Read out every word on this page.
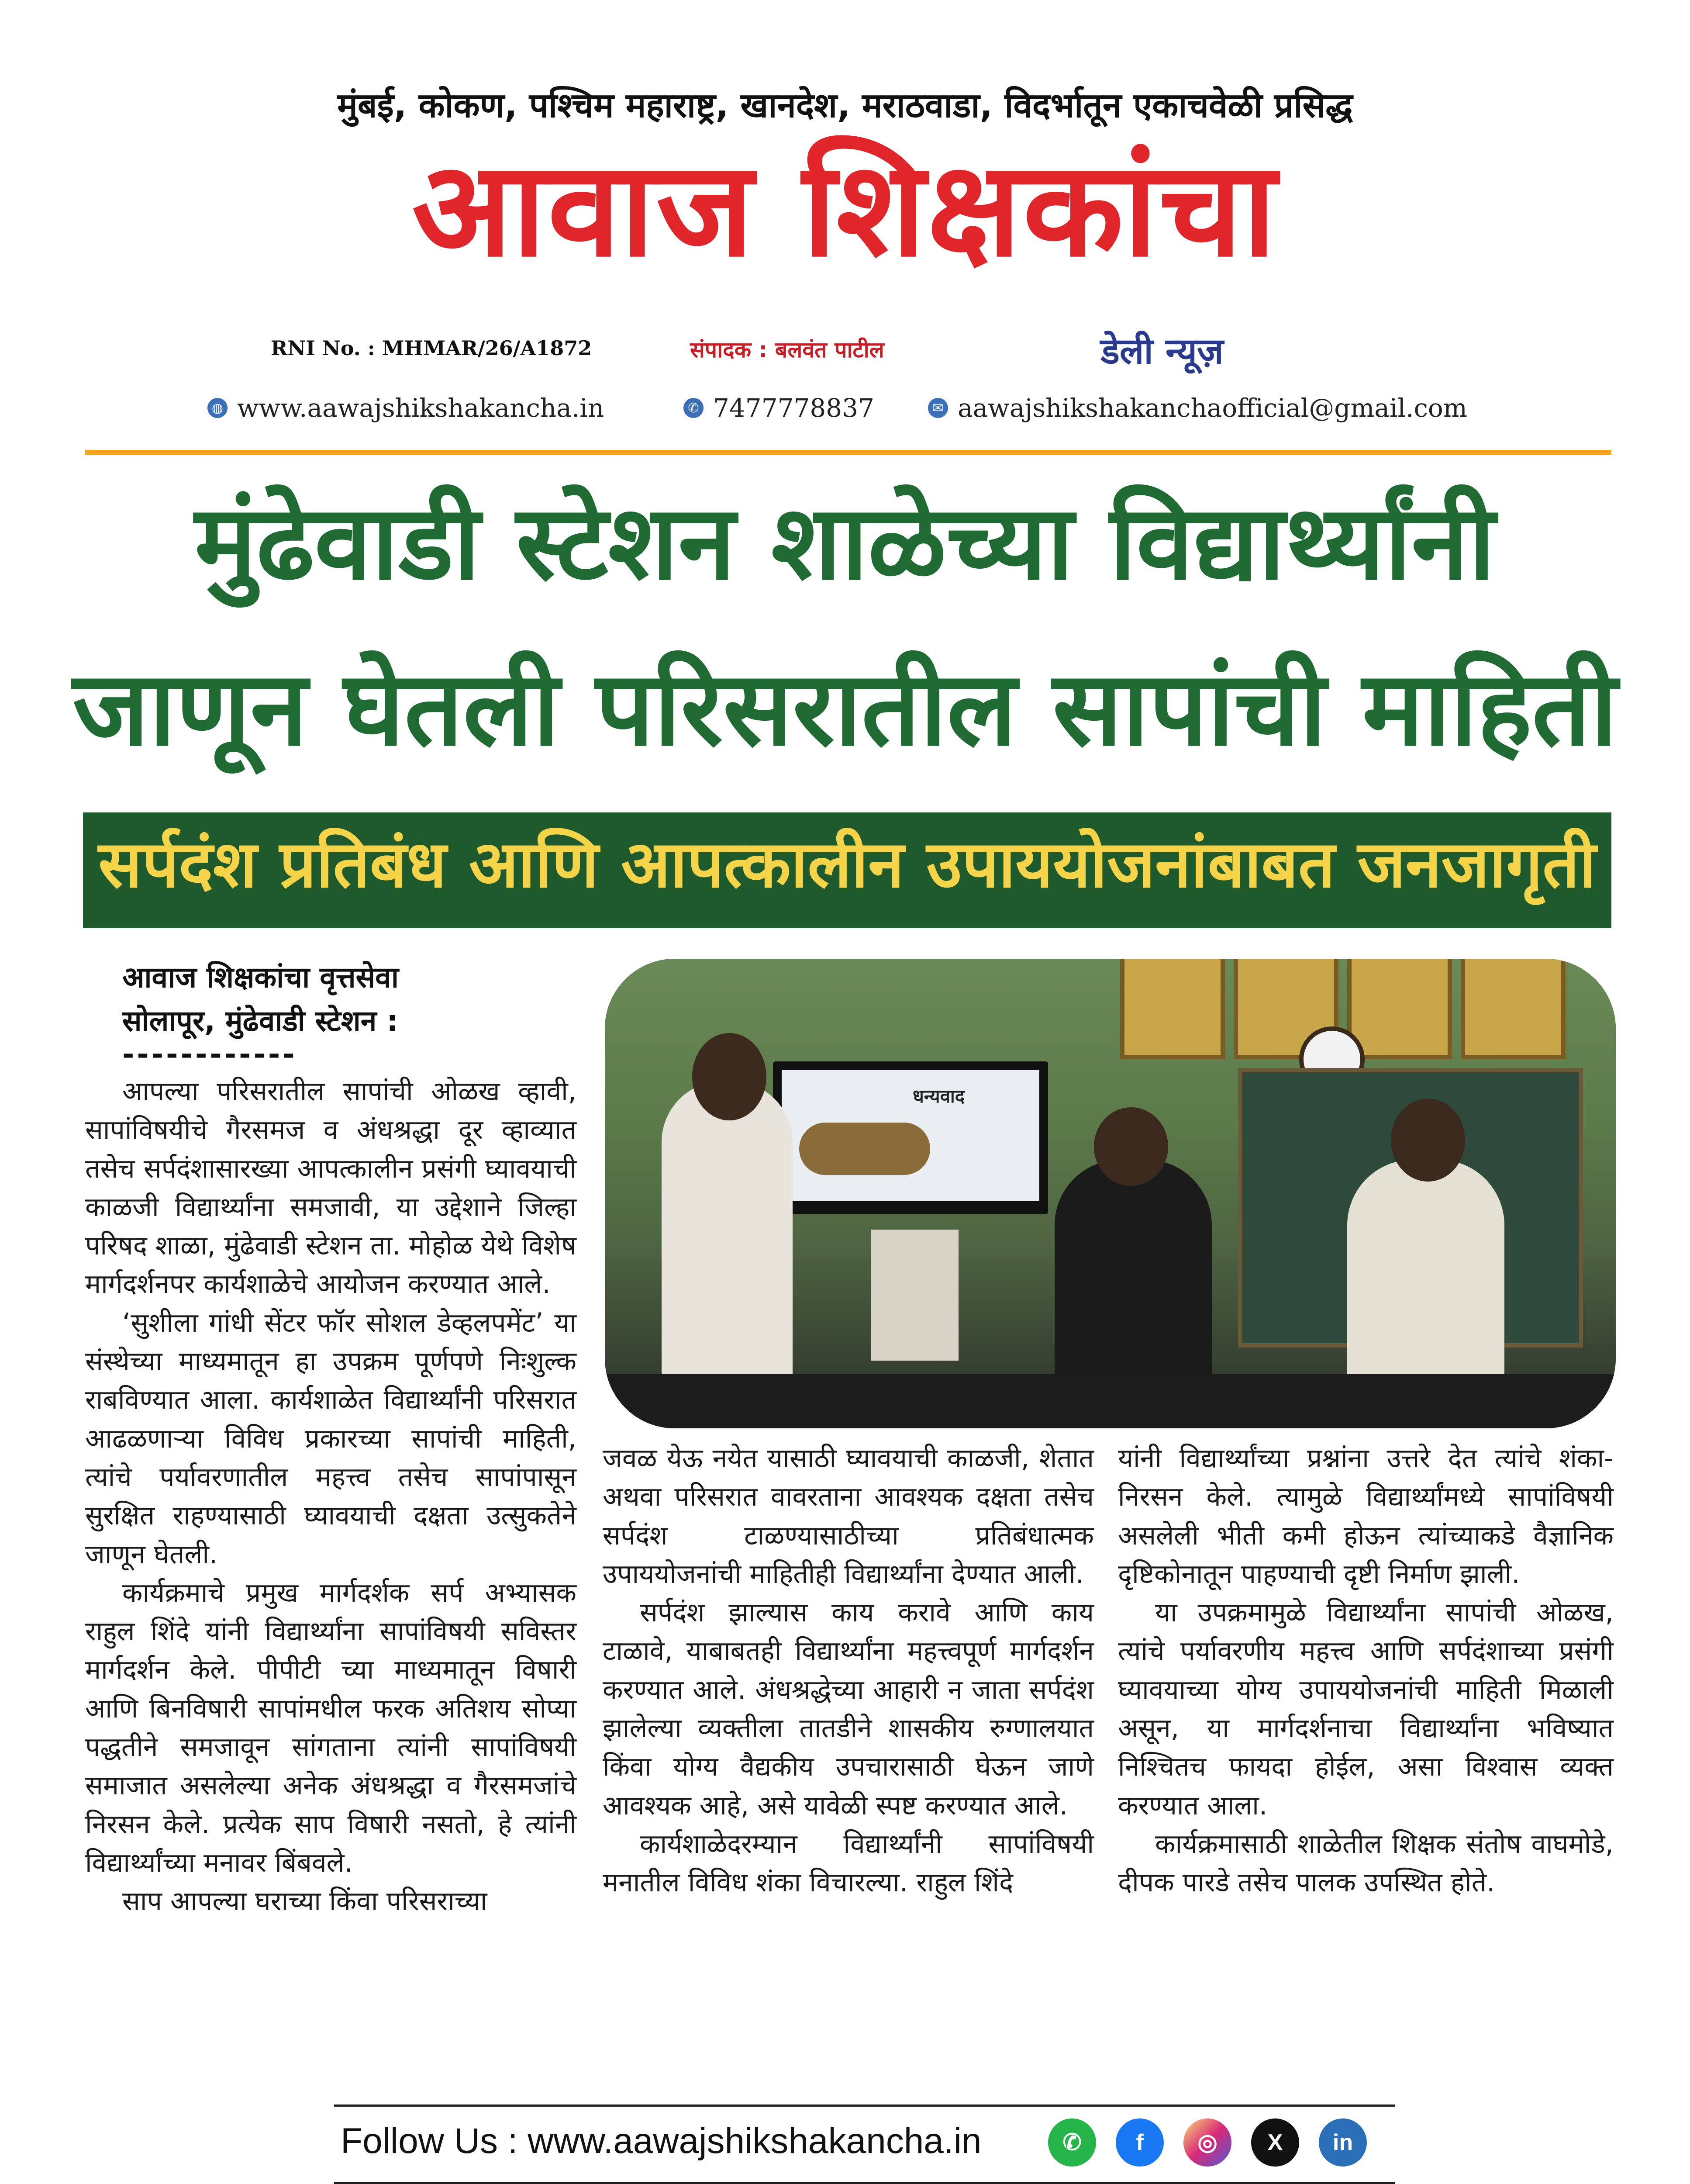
मुंबई, कोकण, पश्चिम महाराष्ट्र, खानदेश, मराठवाडा, विदर्भातून एकाचवेळी प्रसिद्ध
आवाज शिक्षकांचा
RNI No. : MHMAR/26/A1872	संपादक : बलवंत पाटील	डेली न्यूज़
◍ www.aawajshikshakancha.in	✆ 7477778837	✉ aawajshikshakanchaofficial@gmail.com
मुंढेवाडी स्टेशन शाळेच्या विद्यार्थ्यांनी
जाणून घेतली परिसरातील सापांची माहिती
सर्पदंश प्रतिबंध आणि आपत्कालीन उपाययोजनांबाबत जनजागृती
आवाज शिक्षकांचा वृत्तसेवा
सोलापूर, मुंढेवाडी स्टेशन :
------------

आपल्या परिसरातील सापांची ओळख व्हावी, सापांविषयीचे गैरसमज व अंधश्रद्धा दूर व्हाव्यात तसेच सर्पदंशासारख्या आपत्कालीन प्रसंगी घ्यावयाची काळजी विद्यार्थ्यांना समजावी, या उद्देशाने जिल्हा परिषद शाळा, मुंढेवाडी स्टेशन ता. मोहोळ येथे विशेष मार्गदर्शनपर कार्यशाळेचे आयोजन करण्यात आले.

‘सुशीला गांधी सेंटर फॉर सोशल डेव्हलपमेंट’ या संस्थेच्या माध्यमातून हा उपक्रम पूर्णपणे निःशुल्क राबविण्यात आला. कार्यशाळेत विद्यार्थ्यांनी परिसरात आढळणाऱ्या विविध प्रकारच्या सापांची माहिती, त्यांचे पर्यावरणातील महत्त्व तसेच सापांपासून सुरक्षित राहण्यासाठी घ्यावयाची दक्षता उत्सुकतेने जाणून घेतली.

कार्यक्रमाचे प्रमुख मार्गदर्शक सर्प अभ्यासक राहुल शिंदे यांनी विद्यार्थ्यांना सापांविषयी सविस्तर मार्गदर्शन केले. पीपीटी च्या माध्यमातून विषारी आणि बिनविषारी सापांमधील फरक अतिशय सोप्या पद्धतीने समजावून सांगताना त्यांनी सापांविषयी समाजात असलेल्या अनेक अंधश्रद्धा व गैरसमजांचे निरसन केले. प्रत्येक साप विषारी नसतो, हे त्यांनी विद्यार्थ्यांच्या मनावर बिंबवले.

साप आपल्या घराच्या किंवा परिसराच्या

धन्यवाद

जवळ येऊ नयेत यासाठी घ्यावयाची काळजी, शेतात अथवा परिसरात वावरताना आवश्यक दक्षता तसेच सर्पदंश टाळण्यासाठीच्या प्रतिबंधात्मक उपाययोजनांची माहितीही विद्यार्थ्यांना देण्यात आली.

सर्पदंश झाल्यास काय करावे आणि काय टाळावे, याबाबतही विद्यार्थ्यांना महत्त्वपूर्ण मार्गदर्शन करण्यात आले. अंधश्रद्धेच्या आहारी न जाता सर्पदंश झालेल्या व्यक्तीला तातडीने शासकीय रुग्णालयात किंवा योग्य वैद्यकीय उपचारासाठी घेऊन जाणे आवश्यक आहे, असे यावेळी स्पष्ट करण्यात आले.

कार्यशाळेदरम्यान विद्यार्थ्यांनी सापांविषयी मनातील विविध शंका विचारल्या. राहुल शिंदे

यांनी विद्यार्थ्यांच्या प्रश्नांना उत्तरे देत त्यांचे शंका-निरसन केले. त्यामुळे विद्यार्थ्यांमध्ये सापांविषयी असलेली भीती कमी होऊन त्यांच्याकडे वैज्ञानिक दृष्टिकोनातून पाहण्याची दृष्टी निर्माण झाली.

या उपक्रमामुळे विद्यार्थ्यांना सापांची ओळख, त्यांचे पर्यावरणीय महत्त्व आणि सर्पदंशाच्या प्रसंगी घ्यावयाच्या योग्य उपाययोजनांची माहिती मिळाली असून, या मार्गदर्शनाचा विद्यार्थ्यांना भविष्यात निश्चितच फायदा होईल, असा विश्वास व्यक्त करण्यात आला.

कार्यक्रमासाठी शाळेतील शिक्षक संतोष वाघमोडे, दीपक पारडे तसेच पालक उपस्थित होते.

Follow Us : www.aawajshikshakancha.in	✆	f	◎	X	in
